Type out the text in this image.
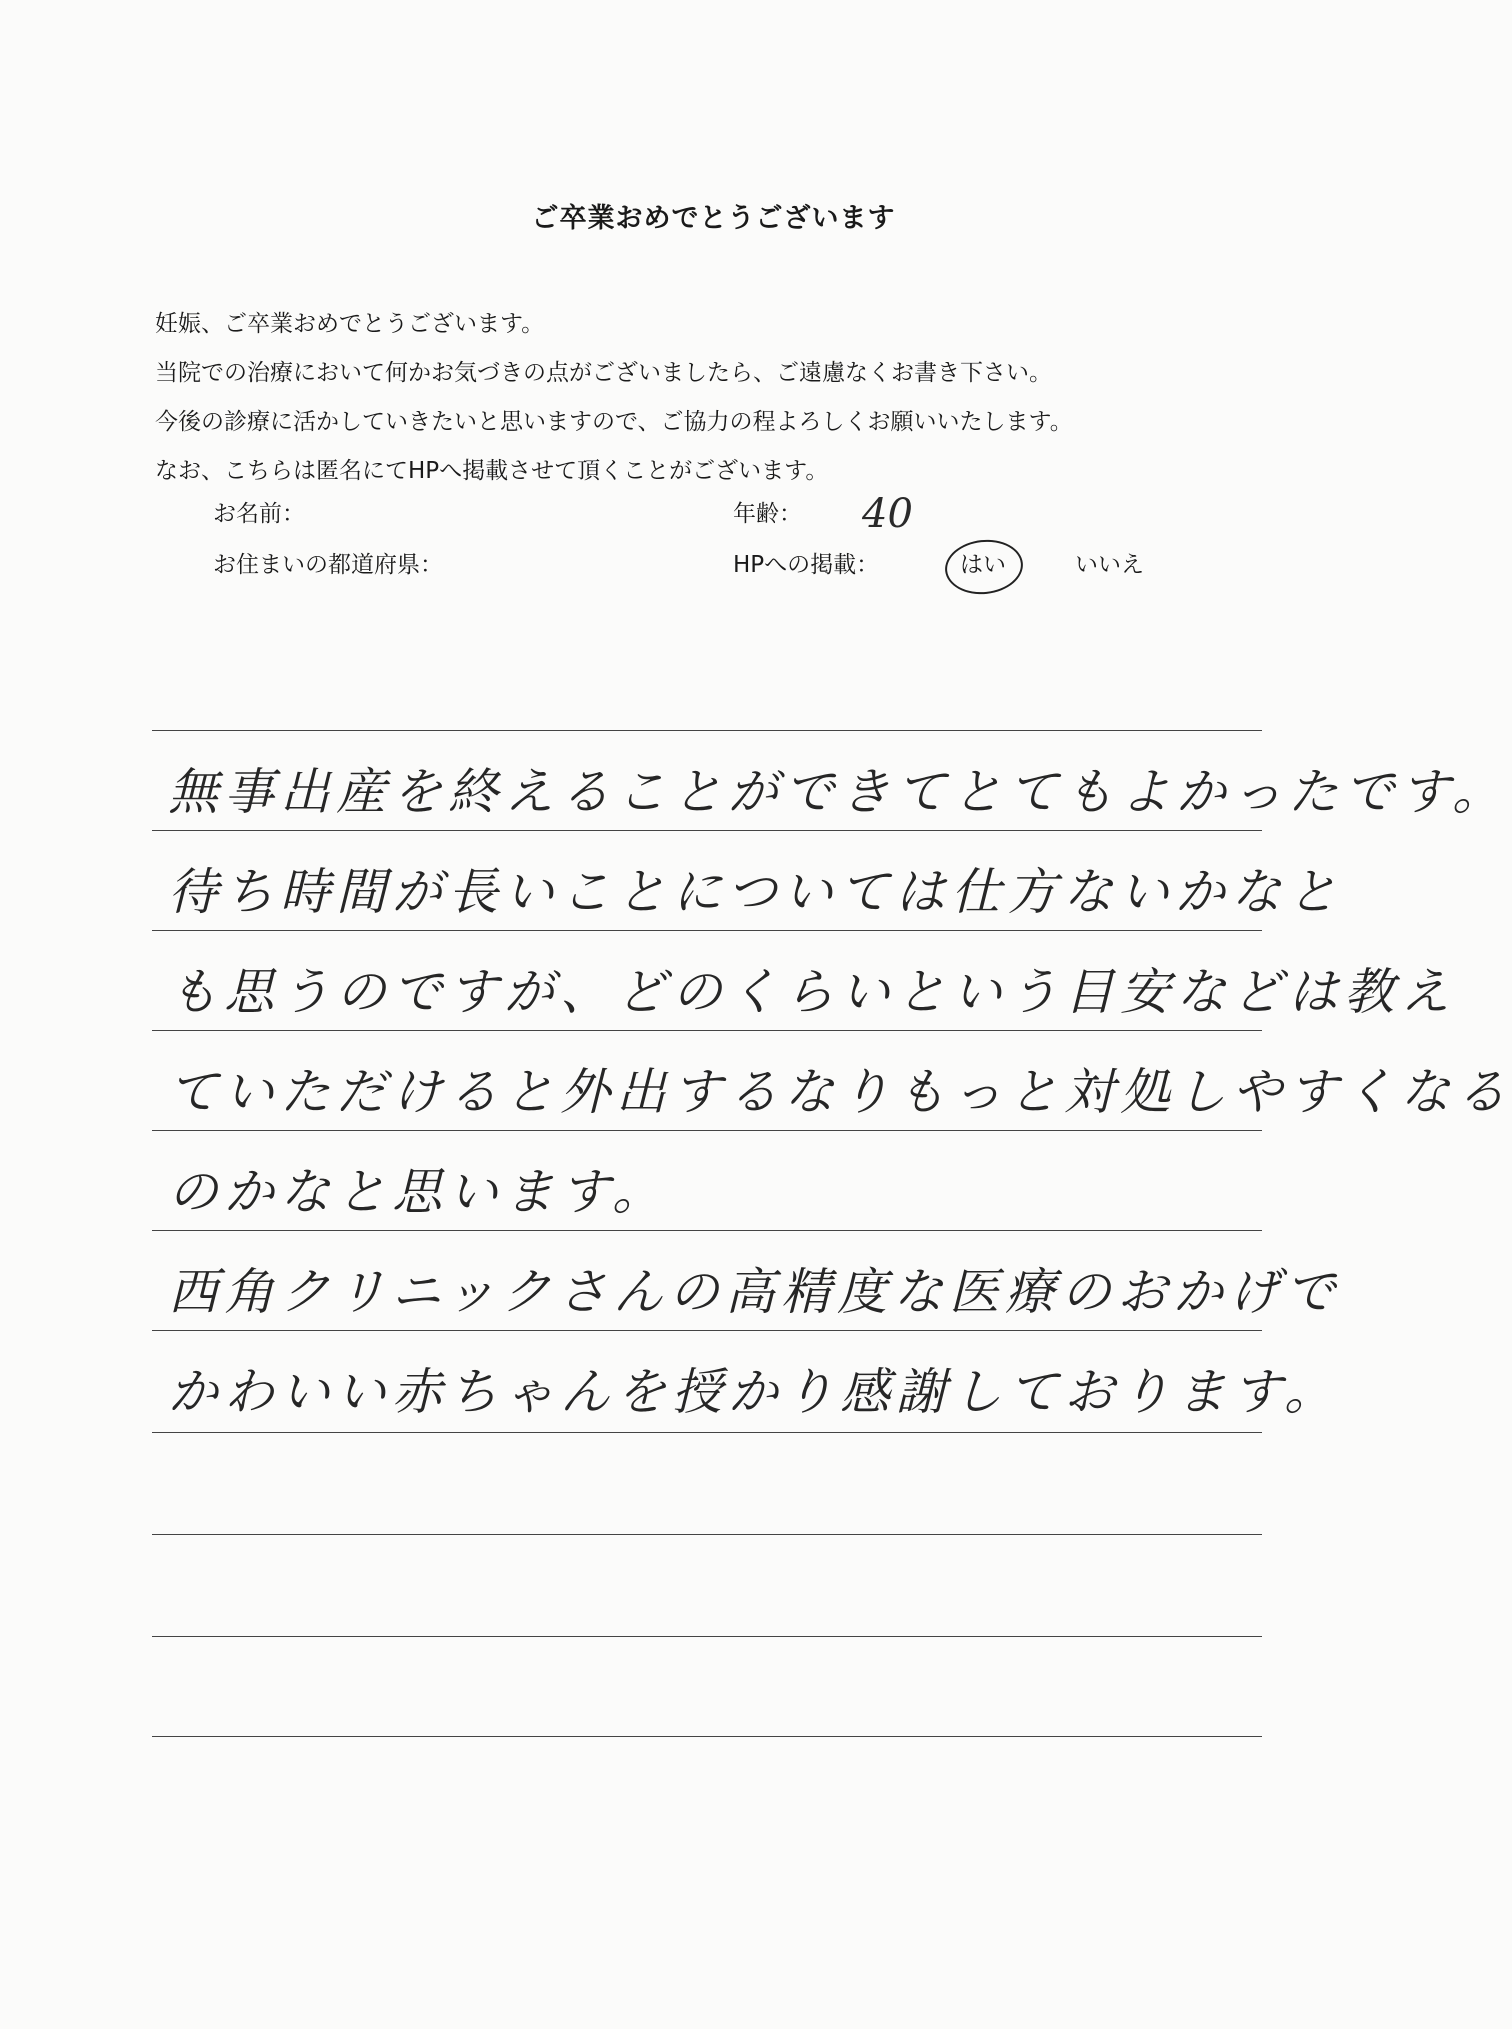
ご卒業おめでとうございます
妊娠、ご卒業おめでとうございます。
当院での治療において何かお気づきの点がございましたら、ご遠慮なくお書き下さい。
今後の診療に活かしていきたいと思いますので、ご協力の程よろしくお願いいたします。
なお、こちらは匿名にてHPへ掲載させて頂くことがございます。
お名前：	年齢： 40
お住まいの都道府県：	HPへの掲載：	はい	いいえ
無事出産を終えることができてとてもよかったです。
待ち時間が長いことについては仕方ないかなと
も思うのですが、どのくらいという目安などは教え
ていただけると外出するなりもっと対処しやすくなる
のかなと思います。
西角クリニックさんの高精度な医療のおかげで
かわいい赤ちゃんを授かり感謝しております。
